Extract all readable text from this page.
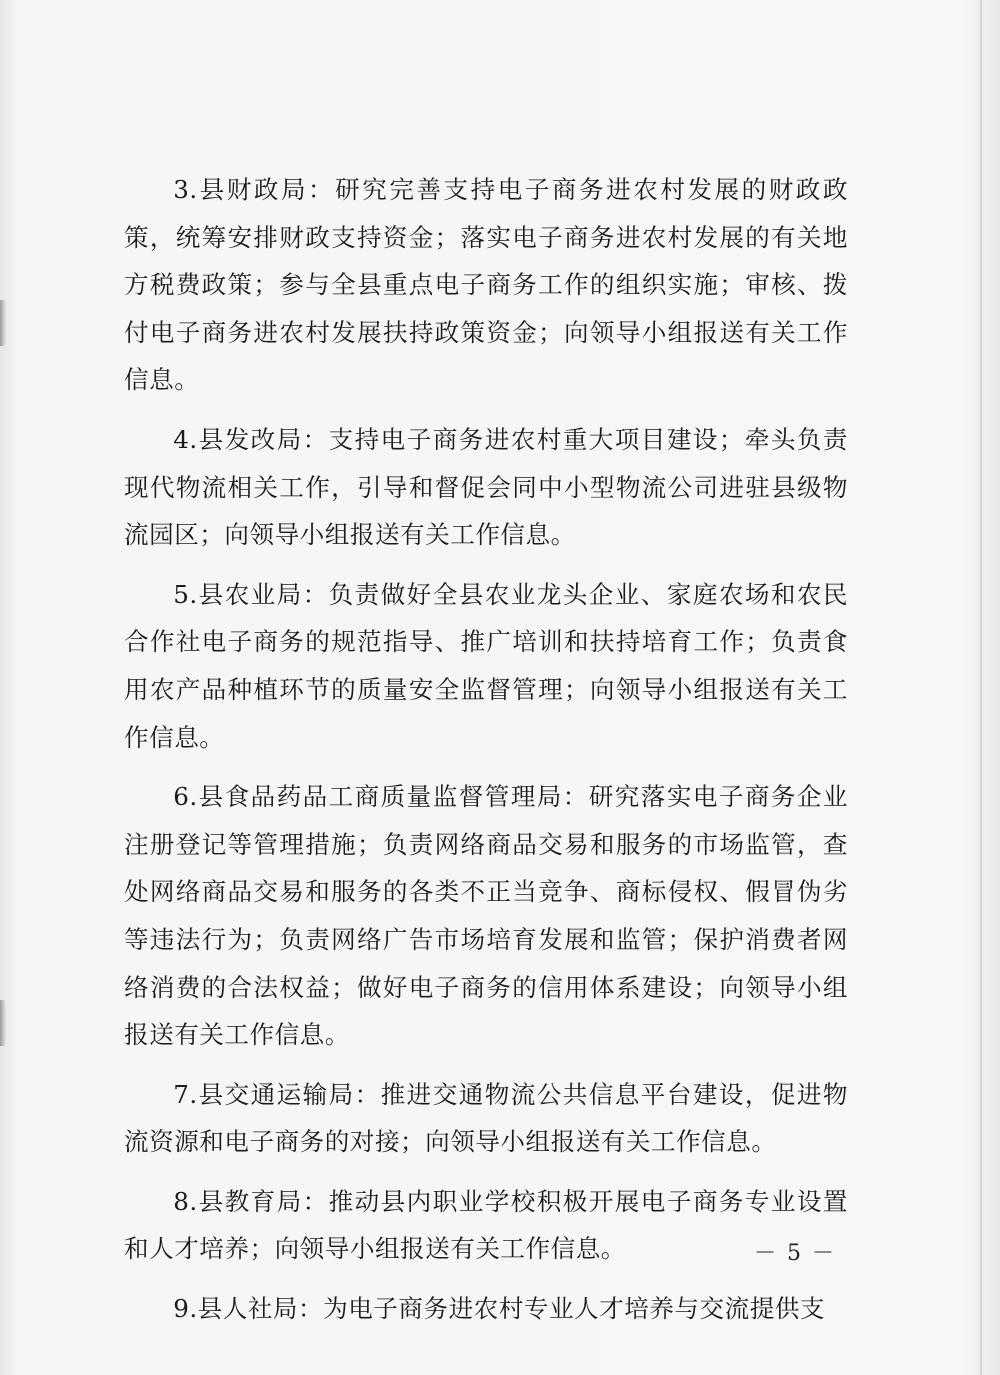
3.县财政局：研究完善支持电子商务进农村发展的财政政策，统筹安排财政支持资金；落实电子商务进农村发展的有关地方税费政策；参与全县重点电子商务工作的组织实施；审核、拨付电子商务进农村发展扶持政策资金；向领导小组报送有关工作信息。

4.县发改局：支持电子商务进农村重大项目建设；牵头负责现代物流相关工作，引导和督促会同中小型物流公司进驻县级物流园区；向领导小组报送有关工作信息。

5.县农业局：负责做好全县农业龙头企业、家庭农场和农民合作社电子商务的规范指导、推广培训和扶持培育工作；负责食用农产品种植环节的质量安全监督管理；向领导小组报送有关工作信息。

6.县食品药品工商质量监督管理局：研究落实电子商务企业注册登记等管理措施；负责网络商品交易和服务的市场监管，查处网络商品交易和服务的各类不正当竞争、商标侵权、假冒伪劣等违法行为；负责网络广告市场培育发展和监管；保护消费者网络消费的合法权益；做好电子商务的信用体系建设；向领导小组报送有关工作信息。

7.县交通运输局：推进交通物流公共信息平台建设，促进物流资源和电子商务的对接；向领导小组报送有关工作信息。

8.县教育局：推动县内职业学校积极开展电子商务专业设置和人才培养；向领导小组报送有关工作信息。

9.县人社局：为电子商务进农村专业人才培养与交流提供支

－ 5 －
